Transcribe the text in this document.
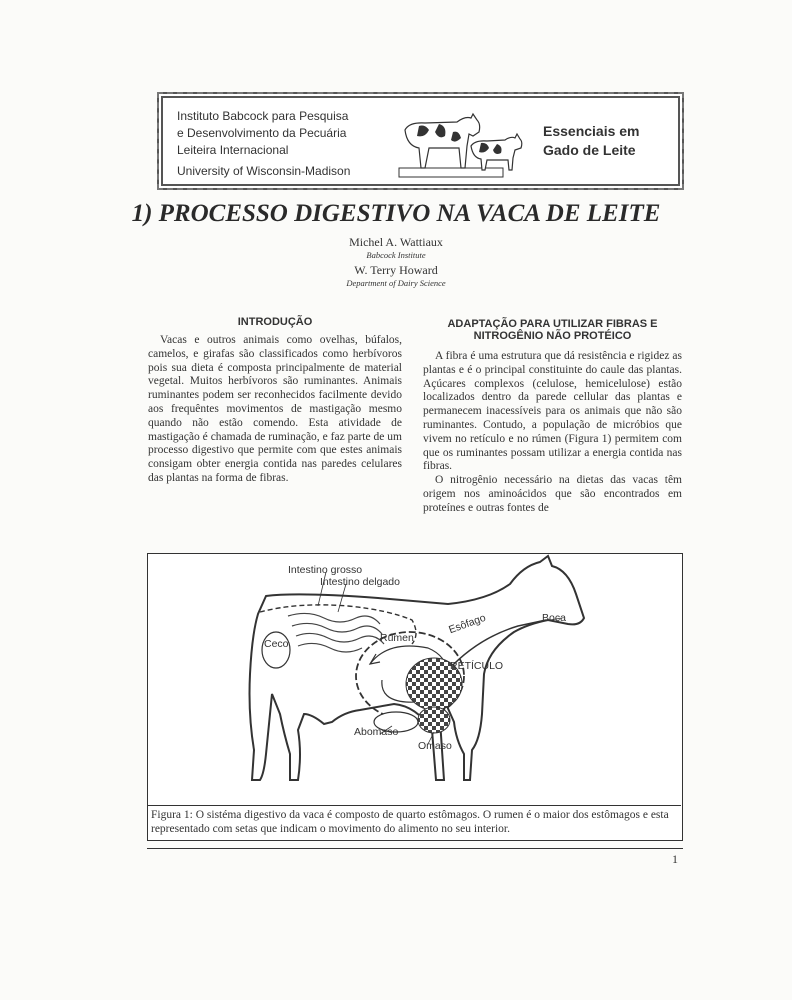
Instituto Babcock para Pesquisa
e Desenvolvimento da Pecuária
Leiteira Internacional
University of Wisconsin-Madison
Essenciais em
Gado de Leite
1) PROCESSO DIGESTIVO NA VACA DE LEITE
Michel A. Wattiaux
Babcock Institute
W. Terry Howard
Department of Dairy Science
INTRODUÇÃO

Vacas e outros animais como ovelhas, búfalos, camelos, e girafas são classificados como herbívoros pois sua dieta é composta principalmente de material vegetal. Muitos herbívoros são ruminantes. Animais ruminantes podem ser reconhecidos facilmente devido aos frequêntes movimentos de mastigação mesmo quando não estão comendo. Esta atividade de mastigação é chamada de ruminação, e faz parte de um processo digestivo que permite com que estes animais consigam obter energia contida nas paredes celulares das plantas na forma de fibras.

ADAPTAÇÃO PARA UTILIZAR FIBRAS E NITROGÊNIO NÃO PROTÉICO

A fibra é uma estrutura que dá resistência e rigidez as plantas e é o principal constituinte do caule das plantas. Açúcares complexos (celulose, hemicelulose) estão localizados dentro da parede cellular das plantas e permanecem inacessíveis para os animais que não são ruminantes. Contudo, a população de micróbios que vivem no retículo e no rúmen (Figura 1) permitem com que os ruminantes possam utilizar a energia contida nas fibras.

O nitrogênio necessário na dietas das vacas têm origem nos aminoácidos que são encontrados em proteínes e outras fontes de

Intestino grosso
Intestino delgado
Ceco	Rúmen
Esôfago	Boca
RETÍCULO
Abomaso
Omaso
Figura 1: O sistéma digestivo da vaca é composto de quarto estômagos. O rumen é o maior dos estômagos e esta representado com setas que indicam o movimento do alimento no seu interior.
1
